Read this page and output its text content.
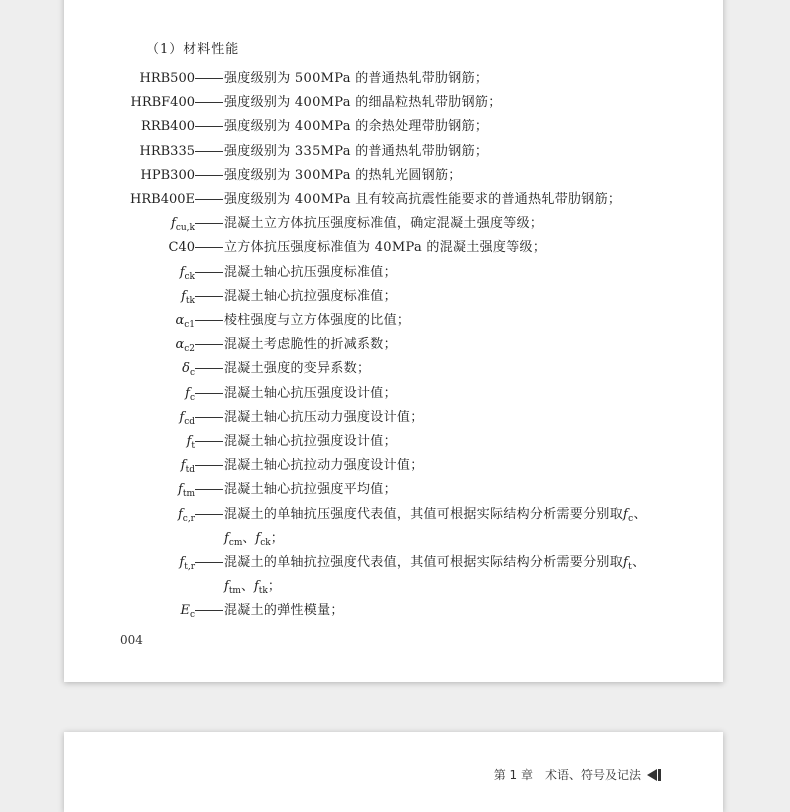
（1）材料性能
HRB500 强度级别为 500MPa 的普通热轧带肋钢筋；
HRBF400 强度级别为 400MPa 的细晶粒热轧带肋钢筋；
RRB400 强度级别为 400MPa 的余热处理带肋钢筋；
HRB335 强度级别为 335MPa 的普通热轧带肋钢筋；
HPB300 强度级别为 300MPa 的热轧光圆钢筋；
HRB400E 强度级别为 400MPa 且有较高抗震性能要求的普通热轧带肋钢筋；
$f_{cu,k}$ 混凝土立方体抗压强度标准值，确定混凝土强度等级；
C40 立方体抗压强度标准值为 40MPa 的混凝土强度等级；
$f_{ck}$ 混凝土轴心抗压强度标准值；
$f_{tk}$ 混凝土轴心抗拉强度标准值；
$\alpha_{c1}$ 棱柱强度与立方体强度的比值；
$\alpha_{c2}$ 混凝土考虑脆性的折减系数；
$\delta_c$ 混凝土强度的变异系数；
$f_c$ 混凝土轴心抗压强度设计值；
$f_{cd}$ 混凝土轴心抗压动力强度设计值；
$f_t$ 混凝土轴心抗拉强度设计值；
$f_{td}$ 混凝土轴心抗拉动力强度设计值；
$f_{tm}$ 混凝土轴心抗拉强度平均值；
$f_{c,r}$ 混凝土的单轴抗压强度代表值，其值可根据实际结构分析需要分别取$f_c$、
$f_{cm}$、$f_{ck}$；
$f_{t,r}$ 混凝土的单轴抗拉强度代表值，其值可根据实际结构分析需要分别取$f_t$、
$f_{tm}$、$f_{tk}$；
$E_c$ 混凝土的弹性模量；
004
第 1 章　术语、符号及记法
